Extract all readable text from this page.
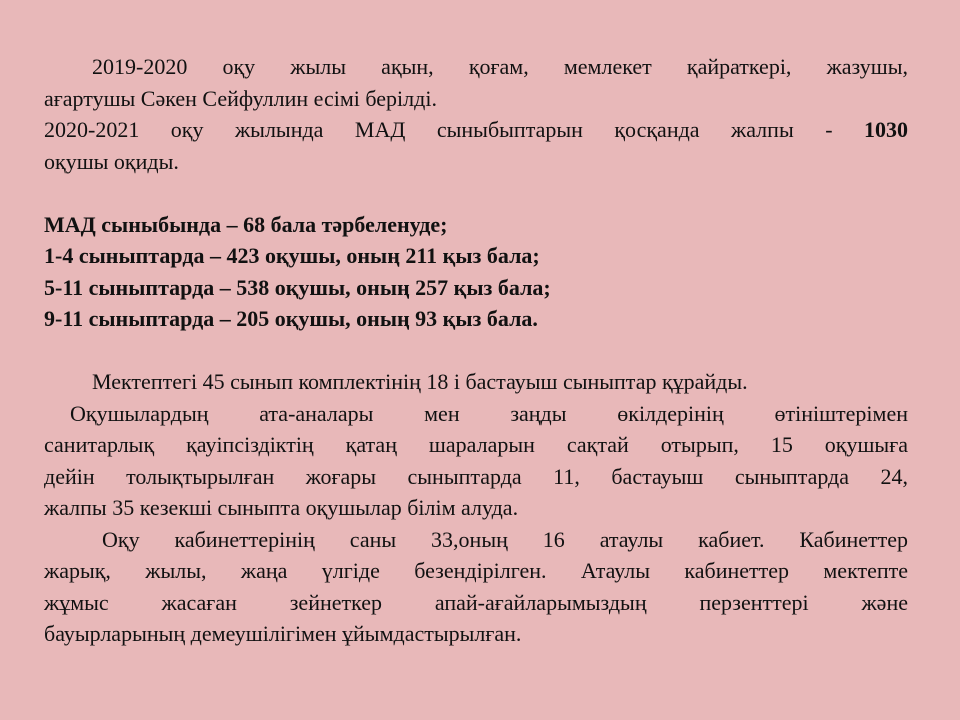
2019-2020 оқу жылы ақын, қоғам, мемлекет қайраткері, жазушы,

ағартушы Сәкен Сейфуллин есімі берілді.

2020-2021 оқу жылында МАД сыныбыптарын қосқанда жалпы - 1030

оқушы оқиды.

МАД сыныбында – 68 бала тәрбеленуде;

1-4 сыныптарда – 423 оқушы, оның 211 қыз бала;

5-11 сыныптарда – 538 оқушы, оның 257 қыз бала;

9-11 сыныптарда – 205 оқушы, оның 93 қыз бала.

Мектептегі 45 сынып комплектінің 18 і бастауыш сыныптар құрайды.

Оқушылардың ата-аналары мен заңды өкілдерінің өтініштерімен

санитарлық қауіпсіздіктің қатаң шараларын сақтай отырып, 15 оқушыға

дейін толықтырылған жоғары сыныптарда 11, бастауыш сыныптарда 24,

жалпы 35 кезекші сыныпта оқушылар білім алуда.

Оқу кабинеттерінің саны 33,оның 16 атаулы кабиет. Кабинеттер

жарық, жылы, жаңа үлгіде безендірілген. Атаулы кабинеттер мектепте

жұмыс жасаған зейнеткер апай-ағайларымыздың перзенттері және

бауырларының демеушілігімен ұйымдастырылған.
